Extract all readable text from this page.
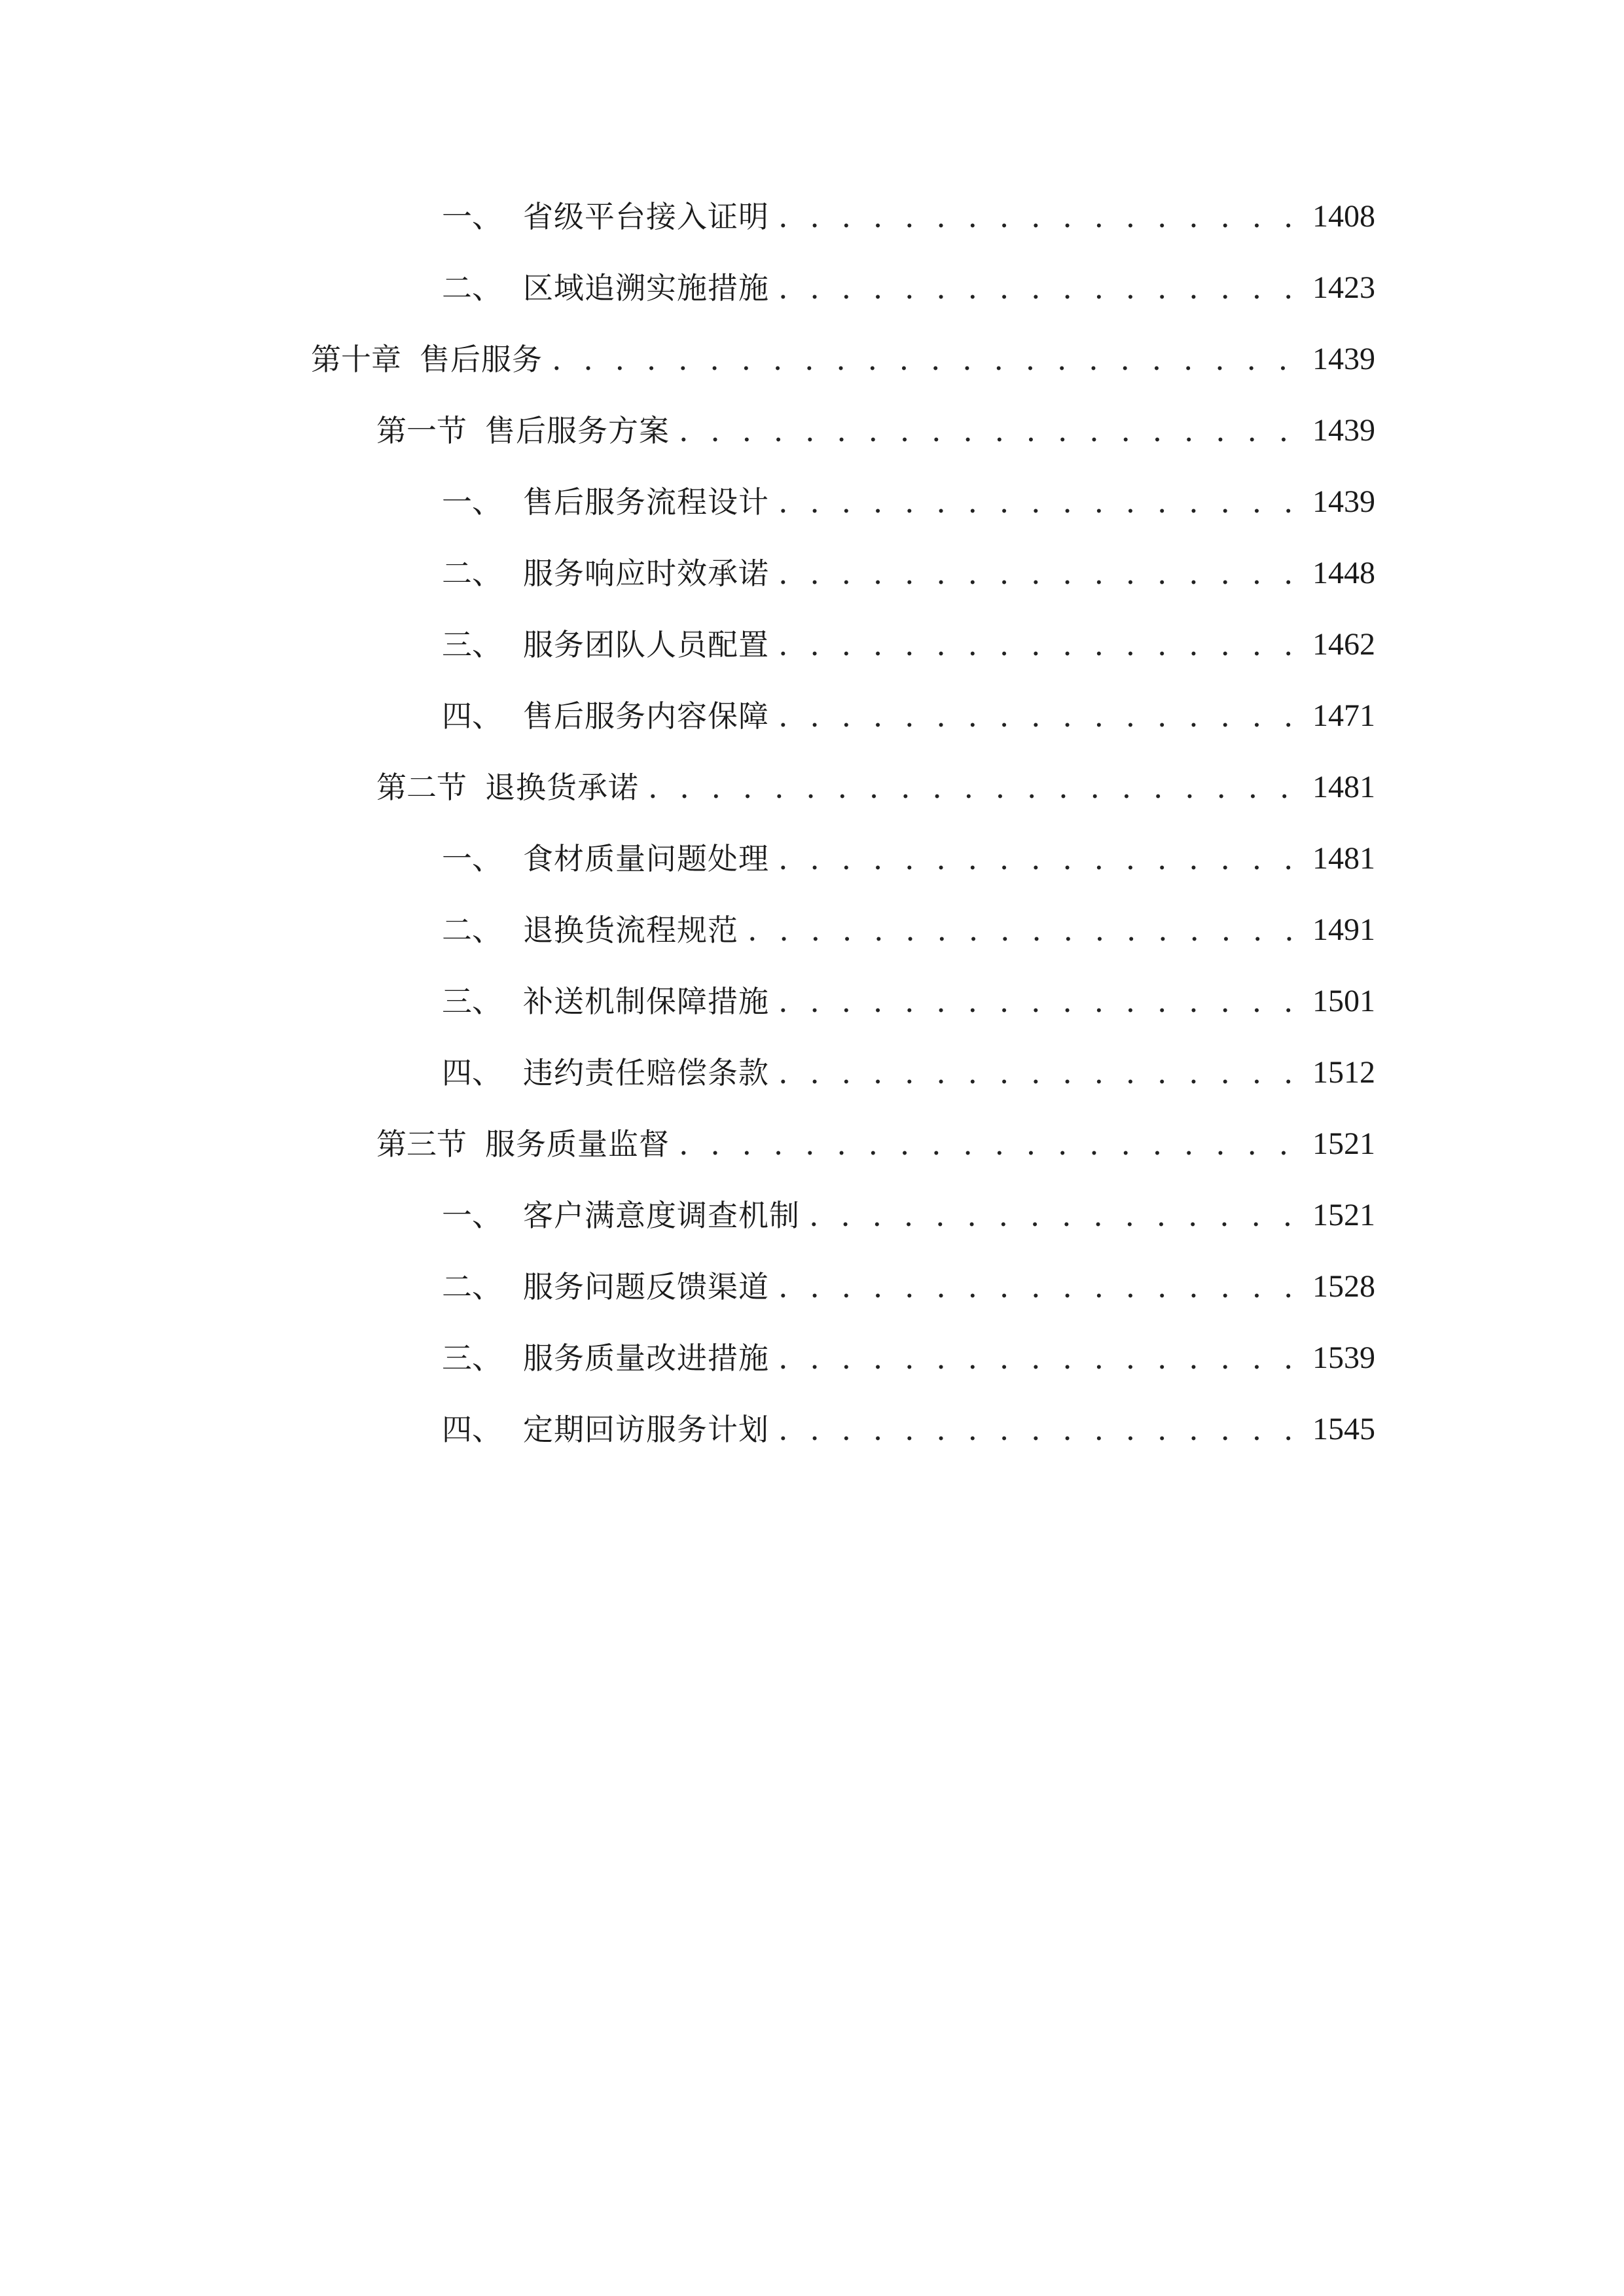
一、 省级平台接入证明 . . .	1408
二、 区域追溯实施措施 . . .	1423
第十章 售后服务 . . .	1439
第一节 售后服务方案 . . .	1439
一、 售后服务流程设计 . . .	1439
二、 服务响应时效承诺 . . .	1448
三、 服务团队人员配置 . . .	1462
四、 售后服务内容保障 . . .	1471
第二节 退换货承诺 . . .	1481
一、 食材质量问题处理 . . .	1481
二、 退换货流程规范 . . .	1491
三、 补送机制保障措施 . . .	1501
四、 违约责任赔偿条款 . . .	1512
第三节 服务质量监督 . . .	1521
一、 客户满意度调查机制 . . .	1521
二、 服务问题反馈渠道 . . .	1528
三、 服务质量改进措施 . . .	1539
四、 定期回访服务计划 . . .	1545
